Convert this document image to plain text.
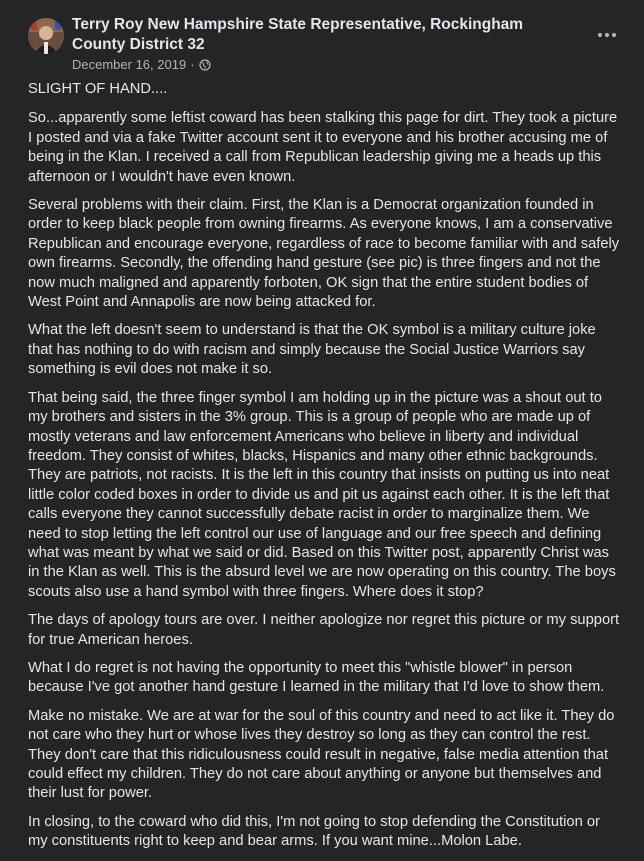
Terry Roy New Hampshire State Representative, Rockingham County District 32
December 16, 2019 ·

SLIGHT OF HAND....

So...apparently some leftist coward has been stalking this page for dirt. They took a picture I posted and via a fake Twitter account sent it to everyone and his brother accusing me of being in the Klan. I received a call from Republican leadership giving me a heads up this afternoon or I wouldn't have even known.

Several problems with their claim. First, the Klan is a Democrat organization founded in order to keep black people from owning firearms. As everyone knows, I am a conservative Republican and encourage everyone, regardless of race to become familiar with and safely own firearms. Secondly, the offending hand gesture (see pic) is three fingers and not the now much maligned and apparently forboten, OK sign that the entire student bodies of West Point and Annapolis are now being attacked for.

What the left doesn't seem to understand is that the OK symbol is a military culture joke that has nothing to do with racism and simply because the Social Justice Warriors say something is evil does not make it so.

That being said, the three finger symbol I am holding up in the picture was a shout out to my brothers and sisters in the 3% group. This is a group of people who are made up of mostly veterans and law enforcement Americans who believe in liberty and individual freedom. They consist of whites, blacks, Hispanics and many other ethnic backgrounds. They are patriots, not racists. It is the left in this country that insists on putting us into neat little color coded boxes in order to divide us and pit us against each other. It is the left that calls everyone they cannot successfully debate racist in order to marginalize them. We need to stop letting the left control our use of language and our free speech and defining what was meant by what we said or did. Based on this Twitter post, apparently Christ was in the Klan as well. This is the absurd level we are now operating on this country. The boys scouts also use a hand symbol with three fingers. Where does it stop?

The days of apology tours are over. I neither apologize nor regret this picture or my support for true American heroes.

What I do regret is not having the opportunity to meet this "whistle blower" in person because I've got another hand gesture I learned in the military that I'd love to show them.

Make no mistake. We are at war for the soul of this country and need to act like it. They do not care who they hurt or whose lives they destroy so long as they can control the rest. They don't care that this ridiculousness could result in negative, false media attention that could effect my children. They do not care about anything or anyone but themselves and their lust for power.

In closing, to the coward who did this, I'm not going to stop defending the Constitution or my constituents right to keep and bear arms. If you want mine...Molon Labe.
